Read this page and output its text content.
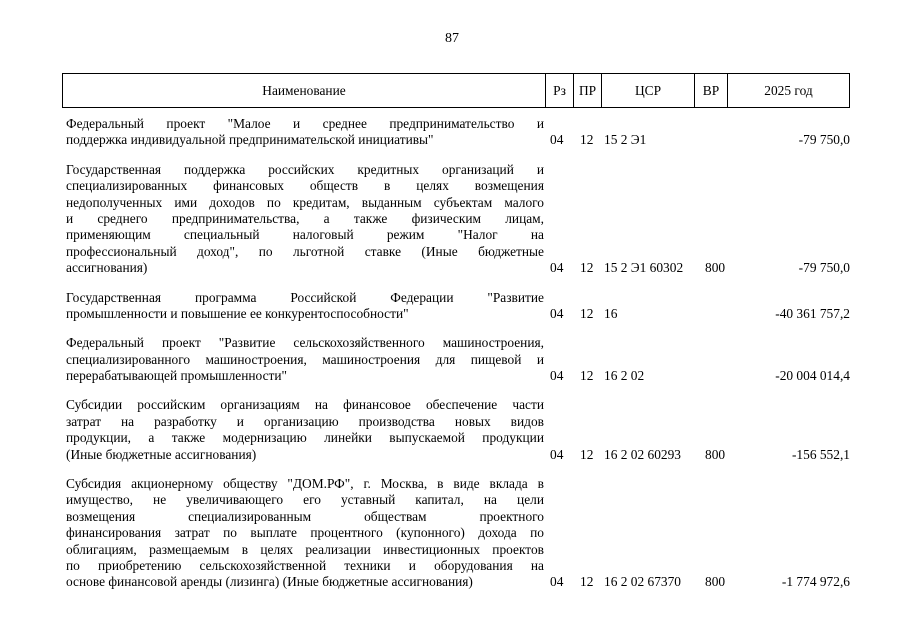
87
Наименование	Рз ПР	ЦСР	ВР	2025 год
Федеральный проект "Малое и среднее предпринимательство и
поддержка индивидуальной предпринимательской инициативы"	04 12 15 2 Э1	-79 750,0
Государственная поддержка российских кредитных организаций и
специализированных финансовых обществ в целях возмещения
недополученных ими доходов по кредитам, выданным субъектам малого
и среднего предпринимательства, а также физическим лицам,
применяющим специальный налоговый режим "Налог на
профессиональный доход", по льготной ставке (Иные бюджетные
ассигнования)	04 12 15 2 Э1 60302 800	-79 750,0
Государственная программа Российской Федерации "Развитие
промышленности и повышение ее конкурентоспособности"	04 12 16	-40 361 757,2
Федеральный проект "Развитие сельскохозяйственного машиностроения,
специализированного машиностроения, машиностроения для пищевой и
перерабатывающей промышленности"	04 12 16 2 02	-20 004 014,4
Субсидии российским организациям на финансовое обеспечение части
затрат на разработку и организацию производства новых видов
продукции, а также модернизацию линейки выпускаемой продукции
(Иные бюджетные ассигнования)	04 12 16 2 02 60293 800	-156 552,1
Субсидия акционерному обществу "ДОМ.РФ", г. Москва, в виде вклада в
имущество, не увеличивающего его уставный капитал, на цели
возмещения специализированным обществам проектного
финансирования затрат по выплате процентного (купонного) дохода по
облигациям, размещаемым в целях реализации инвестиционных проектов
по приобретению сельскохозяйственной техники и оборудования на
основе финансовой аренды (лизинга) (Иные бюджетные ассигнования)	04 12 16 2 02 67370 800	-1 774 972,6
